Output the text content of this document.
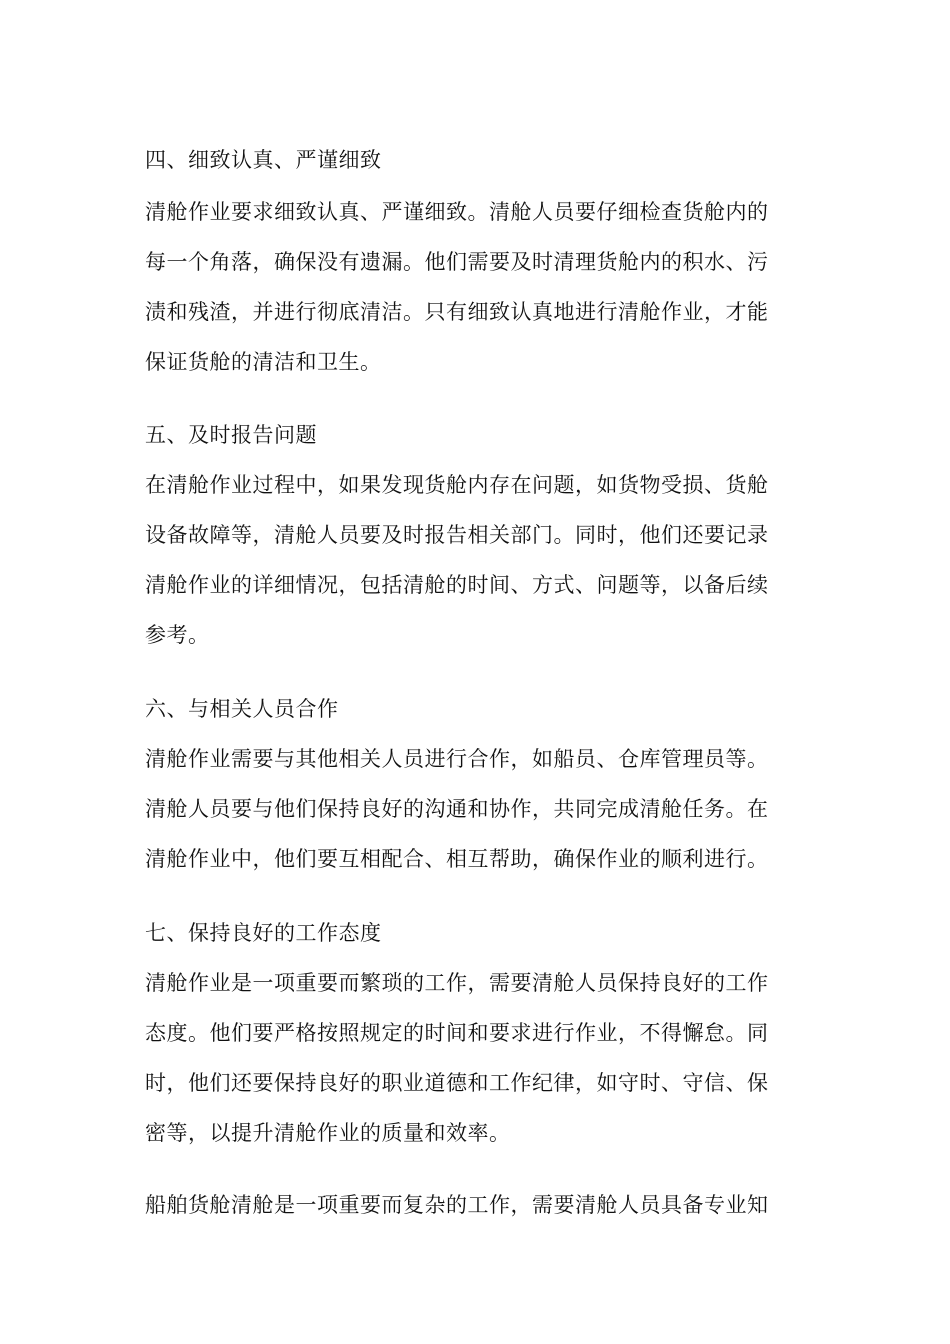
四、细致认真、严谨细致
清舱作业要求细致认真、严谨细致。清舱人员要仔细检查货舱内的
每一个角落，确保没有遗漏。他们需要及时清理货舱内的积水、污
渍和残渣，并进行彻底清洁。只有细致认真地进行清舱作业，才能
保证货舱的清洁和卫生。
五、及时报告问题
在清舱作业过程中，如果发现货舱内存在问题，如货物受损、货舱
设备故障等，清舱人员要及时报告相关部门。同时，他们还要记录
清舱作业的详细情况，包括清舱的时间、方式、问题等，以备后续
参考。
六、与相关人员合作
清舱作业需要与其他相关人员进行合作，如船员、仓库管理员等。
清舱人员要与他们保持良好的沟通和协作，共同完成清舱任务。在
清舱作业中，他们要互相配合、相互帮助，确保作业的顺利进行。
七、保持良好的工作态度
清舱作业是一项重要而繁琐的工作，需要清舱人员保持良好的工作
态度。他们要严格按照规定的时间和要求进行作业，不得懈怠。同
时，他们还要保持良好的职业道德和工作纪律，如守时、守信、保
密等，以提升清舱作业的质量和效率。
船舶货舱清舱是一项重要而复杂的工作，需要清舱人员具备专业知
